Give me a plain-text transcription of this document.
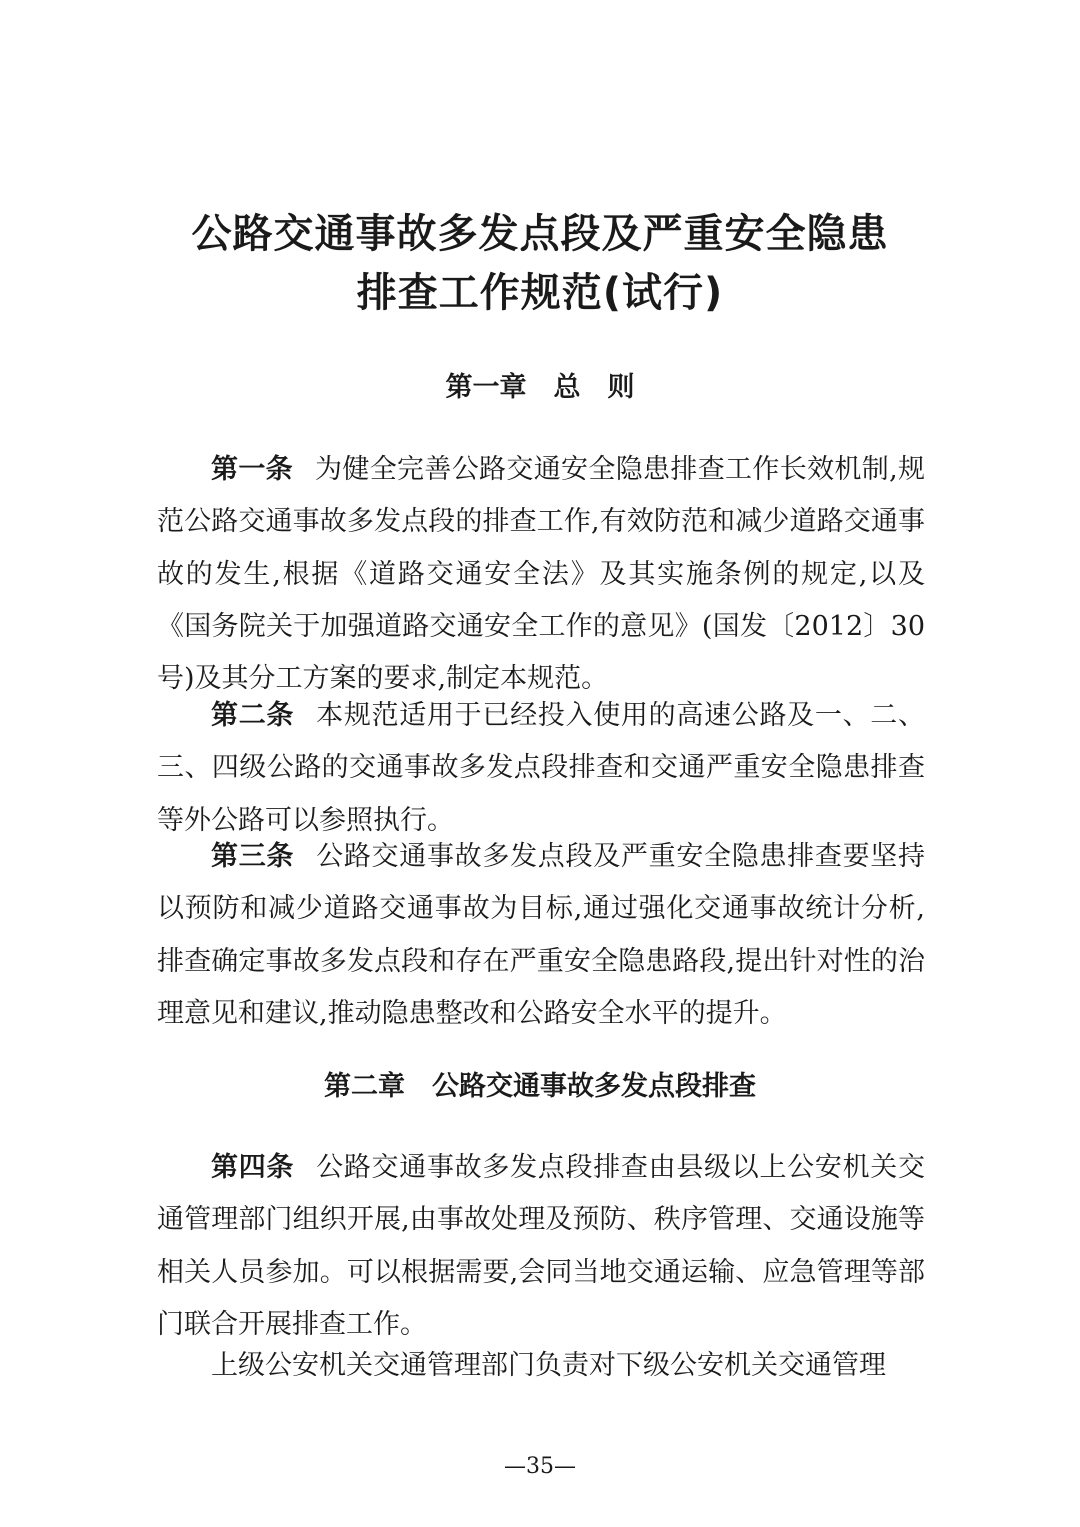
公路交通事故多发点段及严重安全隐患
排查工作规范(试行)
第一章　总　则

第一条 为健全完善公路交通安全隐患排查工作长效机制,规范公路交通事故多发点段的排查工作,有效防范和减少道路交通事故的发生,根据《道路交通安全法》及其实施条例的规定,以及《国务院关于加强道路交通安全工作的意见》(国发〔2012〕30号)及其分工方案的要求,制定本规范。

第二条 本规范适用于已经投入使用的高速公路及一、二、三、四级公路的交通事故多发点段排查和交通严重安全隐患排查等外公路可以参照执行。

第三条 公路交通事故多发点段及严重安全隐患排查要坚持以预防和减少道路交通事故为目标,通过强化交通事故统计分析,排查确定事故多发点段和存在严重安全隐患路段,提出针对性的治理意见和建议,推动隐患整改和公路安全水平的提升。

第二章　公路交通事故多发点段排查

第四条 公路交通事故多发点段排查由县级以上公安机关交通管理部门组织开展,由事故处理及预防、秩序管理、交通设施等相关人员参加。可以根据需要,会同当地交通运输、应急管理等部门联合开展排查工作。

上级公安机关交通管理部门负责对下级公安机关交通管理

—35—
